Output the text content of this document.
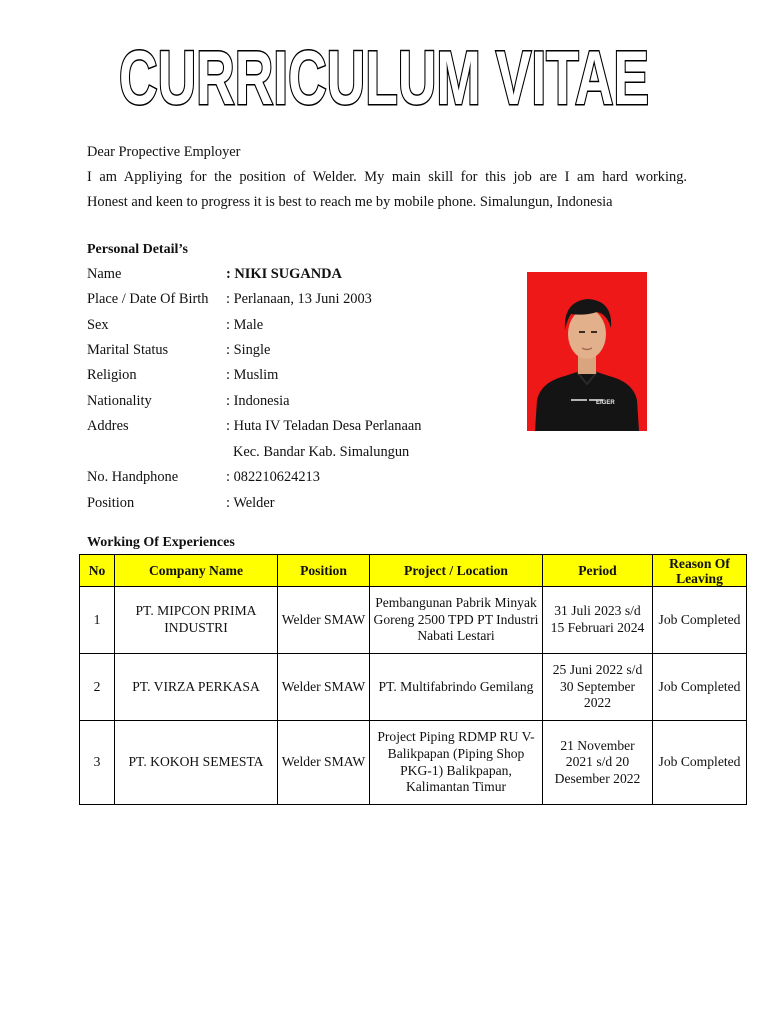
CURRICULUM VITAE

Dear Propective Employer

I am Appliying for the position of Welder. My main skill for this job are I am hard working.

Honest and keen to progress it is best to reach me by mobile phone. Simalungun, Indonesia

Personal Detail’s
Name	: NIKI SUGANDA
Place / Date Of Birth : Perlanaan, 13 Juni 2003
Sex	: Male
Marital Status	: Single
Religion	: Muslim
Nationality	: Indonesia
Addres	: Huta IV Teladan Desa Perlanaan
Kec. Bandar Kab. Simalungun
No. Handphone	: 082210624213
Position	: Welder
EIGER
Working Of Experiences
No	Company Name	Position	Project / Location	Period	Reason Of Leaving
1	PT. MIPCON PRIMA INDUSTRI	Welder SMAW	Pembangunan Pabrik Minyak Goreng 2500 TPD PT Industri Nabati Lestari	31 Juli 2023 s/d 15 Februari 2024	Job Completed
2	PT. VIRZA PERKASA	Welder SMAW	PT. Multifabrindo Gemilang	25 Juni 2022 s/d 30 September 2022	Job Completed
3	PT. KOKOH SEMESTA	Welder SMAW	Project Piping RDMP RU V-Balikpapan (Piping Shop PKG-1) Balikpapan, Kalimantan Timur	21 November 2021 s/d 20 Desember 2022	Job Completed
